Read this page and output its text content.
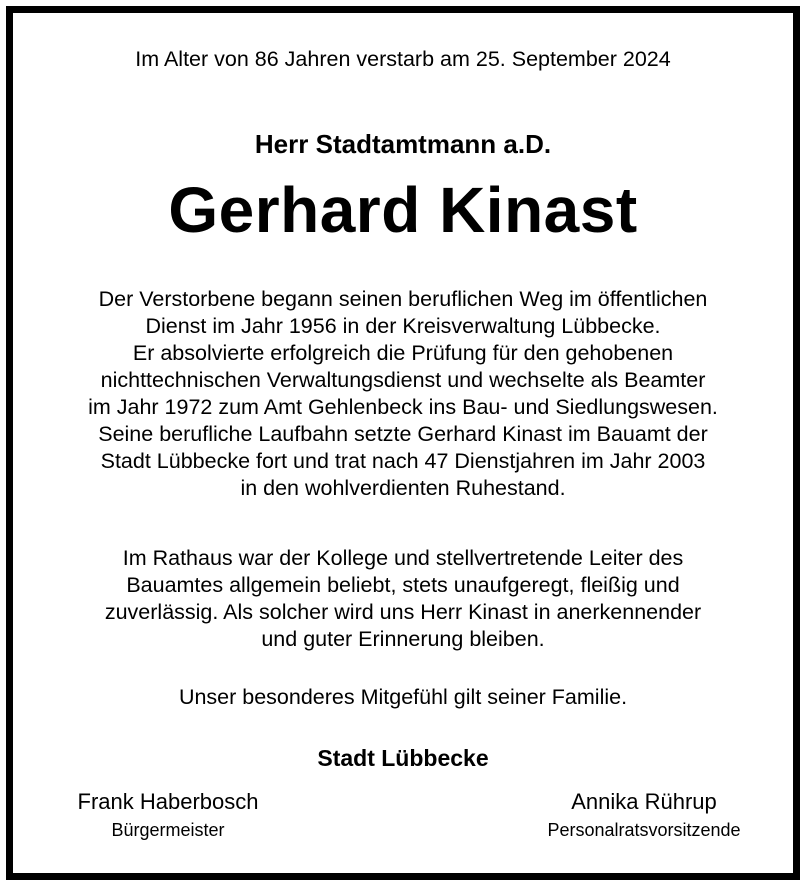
Im Alter von 86 Jahren verstarb am 25. September 2024
Herr Stadtamtmann a.D.
Gerhard Kinast
Der Verstorbene begann seinen beruflichen Weg im öffentlichen
Dienst im Jahr 1956 in der Kreisverwaltung Lübbecke.
Er absolvierte erfolgreich die Prüfung für den gehobenen
nichttechnischen Verwaltungsdienst und wechselte als Beamter
im Jahr 1972 zum Amt Gehlenbeck ins Bau- und Siedlungswesen.
Seine berufliche Laufbahn setzte Gerhard Kinast im Bauamt der
Stadt Lübbecke fort und trat nach 47 Dienstjahren im Jahr 2003
in den wohlverdienten Ruhestand.
Im Rathaus war der Kollege und stellvertretende Leiter des
Bauamtes allgemein beliebt, stets unaufgeregt, fleißig und
zuverlässig. Als solcher wird uns Herr Kinast in anerkennender
und guter Erinnerung bleiben.
Unser besonderes Mitgefühl gilt seiner Familie.
Stadt Lübbecke
Frank Haberbosch
Bürgermeister
Annika Rührup
Personalratsvorsitzende
